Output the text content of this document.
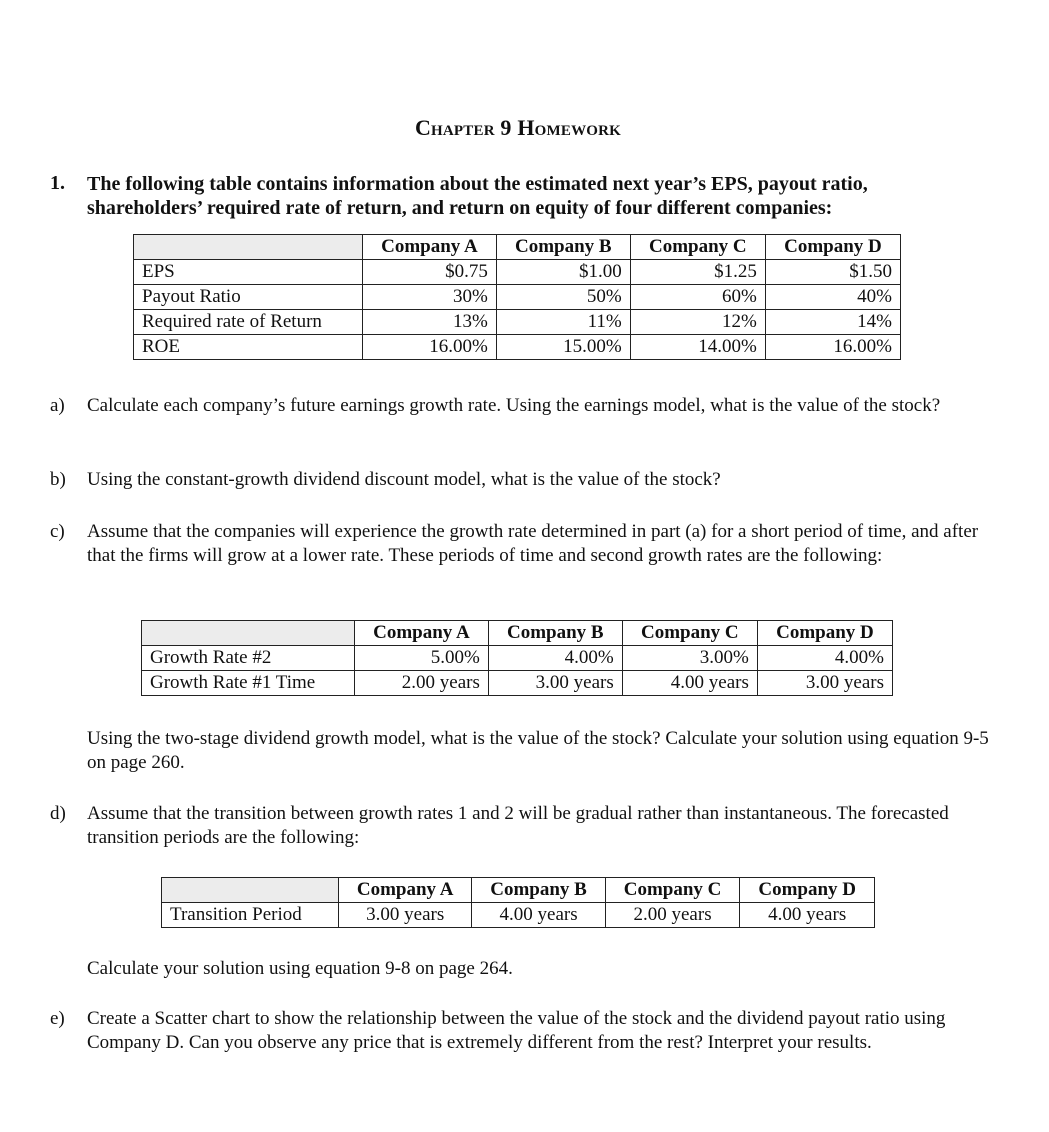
Chapter 9 Homework
1. The following table contains information about the estimated next year’s EPS, payout ratio, shareholders’ required rate of return, and return on equity of four different companies:
	Company A	Company B	Company C	Company D
EPS	$0.75	$1.00	$1.25	$1.50
Payout Ratio	30%	50%	60%	40%
Required rate of Return	13%	11%	12%	14%
ROE	16.00%	15.00%	14.00%	16.00%
a) Calculate each company’s future earnings growth rate. Using the earnings model, what is the value of the stock?
b) Using the constant-growth dividend discount model, what is the value of the stock?
c) Assume that the companies will experience the growth rate determined in part (a) for a short period of time, and after that the firms will grow at a lower rate. These periods of time and second growth rates are the following:
	Company A	Company B	Company C	Company D
Growth Rate #2	5.00%	4.00%	3.00%	4.00%
Growth Rate #1 Time	2.00 years	3.00 years	4.00 years	3.00 years
Using the two-stage dividend growth model, what is the value of the stock? Calculate your solution using equation 9-5 on page 260.
d) Assume that the transition between growth rates 1 and 2 will be gradual rather than instantaneous. The forecasted transition periods are the following:
	Company A	Company B	Company C	Company D
Transition Period	3.00 years	4.00 years	2.00 years	4.00 years
Calculate your solution using equation 9-8 on page 264.
e) Create a Scatter chart to show the relationship between the value of the stock and the dividend payout ratio using Company D. Can you observe any price that is extremely different from the rest? Interpret your results.
